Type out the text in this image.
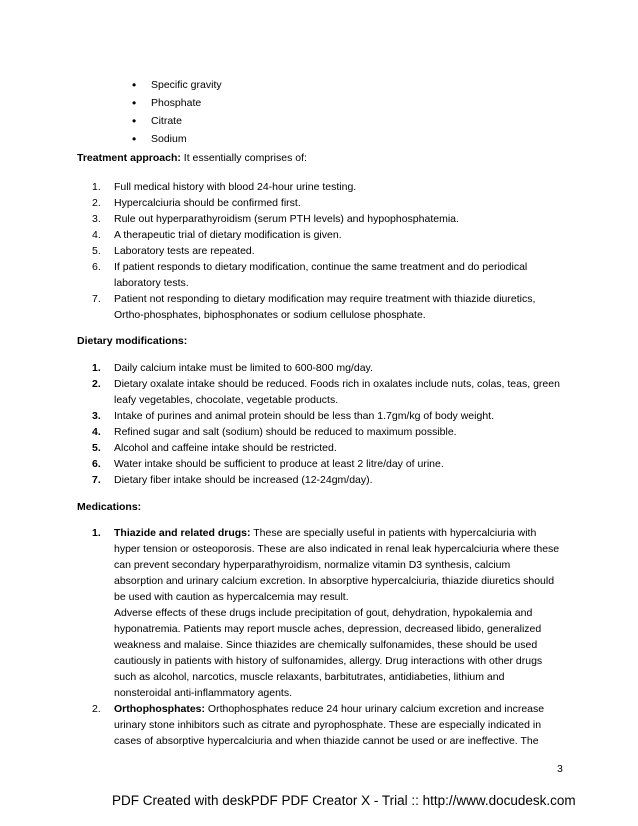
• Specific gravity
• Phosphate
• Citrate
• Sodium
Treatment approach: It essentially comprises of:
1. Full medical history with blood 24-hour urine testing.
2. Hypercalciuria should be confirmed first.
3. Rule out hyperparathyroidism (serum PTH levels) and hypophosphatemia.
4. A therapeutic trial of dietary modification is given.
5. Laboratory tests are repeated.
6. If patient responds to dietary modification, continue the same treatment and do periodical laboratory tests.
7. Patient not responding to dietary modification may require treatment with thiazide diuretics, Ortho-phosphates, biphosphonates or sodium cellulose phosphate.
Dietary modifications:
1. Daily calcium intake must be limited to 600-800 mg/day.
2. Dietary oxalate intake should be reduced. Foods rich in oxalates include nuts, colas, teas, green leafy vegetables, chocolate, vegetable products.
3. Intake of purines and animal protein should be less than 1.7gm/kg of body weight.
4. Refined sugar and salt (sodium) should be reduced to maximum possible.
5. Alcohol and caffeine intake should be restricted.
6. Water intake should be sufficient to produce at least 2 litre/day of urine.
7. Dietary fiber intake should be increased (12-24gm/day).
Medications:
1. Thiazide and related drugs: These are specially useful in patients with hypercalciuria with hyper tension or osteoporosis. These are also indicated in renal leak hypercalciuria where these can prevent secondary hyperparathyroidism, normalize vitamin D3 synthesis, calcium absorption and urinary calcium excretion. In absorptive hypercalciuria, thiazide diuretics should be used with caution as hypercalcemia may result.
Adverse effects of these drugs include precipitation of gout, dehydration, hypokalemia and hyponatremia. Patients may report muscle aches, depression, decreased libido, generalized weakness and malaise. Since thiazides are chemically sulfonamides, these should be used cautiously in patients with history of sulfonamides, allergy. Drug interactions with other drugs such as alcohol, narcotics, muscle relaxants, barbitutrates, antidiabeties, lithium and nonsteroidal anti-inflammatory agents.
2. Orthophosphates: Orthophosphates reduce 24 hour urinary calcium excretion and increase urinary stone inhibitors such as citrate and pyrophosphate. These are especially indicated in cases of absorptive hypercalciuria and when thiazide cannot be used or are ineffective. The
3
PDF Created with deskPDF PDF Creator X - Trial :: http://www.docudesk.com
